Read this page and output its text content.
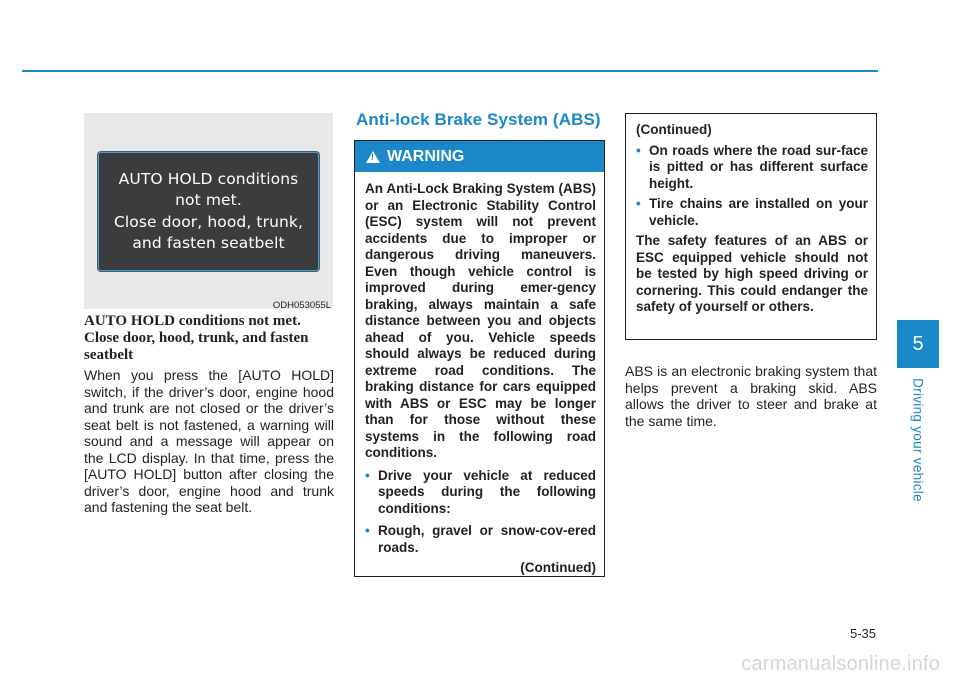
AUTO HOLD conditions
not met.
Close door, hood, trunk,
and fasten seatbelt
ODH053055L
AUTO HOLD conditions not met. Close door, hood, trunk, and fasten seatbelt
When you press the [AUTO HOLD] switch, if the driver’s door, engine hood and trunk are not closed or the driver’s seat belt is not fastened, a warning will sound and a message will appear on the LCD display. In that time, press the [AUTO HOLD] button after closing the driver’s door, engine hood and trunk and fastening the seat belt.
Anti-lock Brake System (ABS)
!
WARNING
An Anti-Lock Braking System (ABS) or an Electronic Stability Control (ESC) system will not prevent accidents due to improper or dangerous driving maneuvers. Even though vehicle control is improved during emer-gency braking, always maintain a safe distance between you and objects ahead of you. Vehicle speeds should always be reduced during extreme road conditions. The braking distance for cars equipped with ABS or ESC may be longer than for those without these systems in the following road conditions.
• Drive your vehicle at reduced speeds during the following conditions:
• Rough, gravel or snow-cov-ered roads.
(Continued)
(Continued)
• On roads where the road sur-face is pitted or has different surface height.
• Tire chains are installed on your vehicle.
The safety features of an ABS or ESC equipped vehicle should not be tested by high speed driving or cornering. This could endanger the safety of yourself or others.
ABS is an electronic braking system that helps prevent a braking skid. ABS allows the driver to steer and brake at the same time.
5
Driving your vehicle
5-35
carmanualsonline.info
